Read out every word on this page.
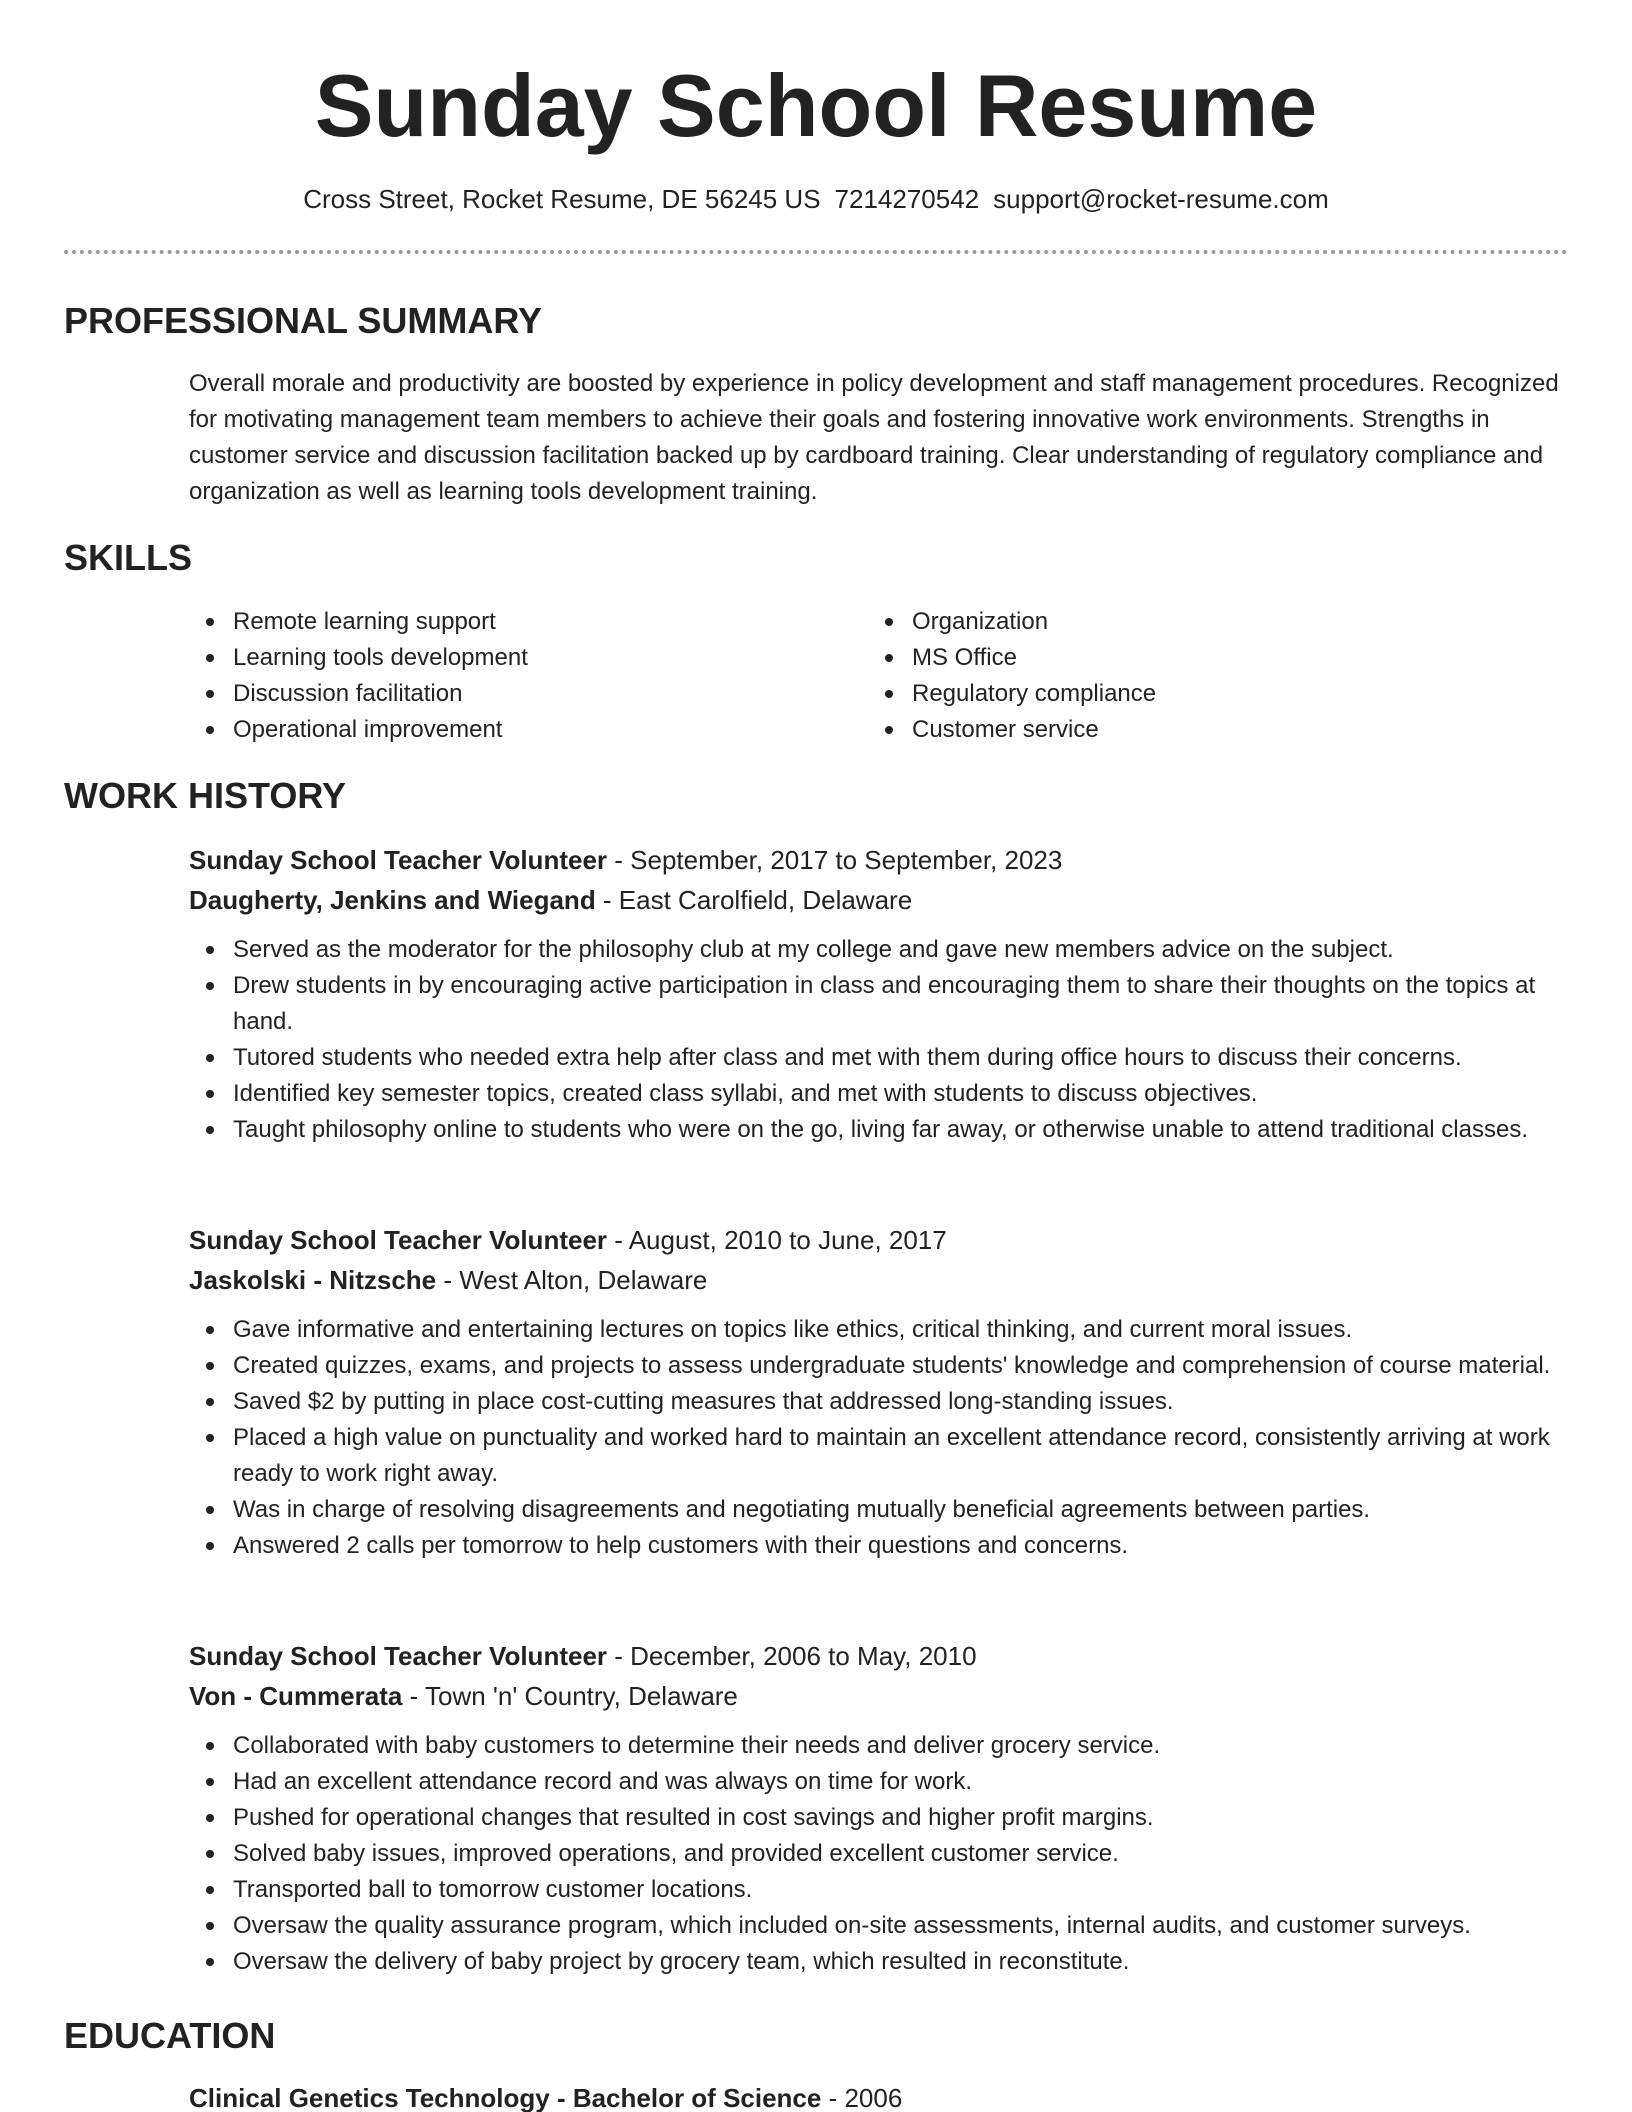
Sunday School Resume
Cross Street, Rocket Resume, DE 56245 US 7214270542 support@rocket-resume.com
PROFESSIONAL SUMMARY

Overall morale and productivity are boosted by experience in policy development and staff management procedures. Recognized for motivating management team members to achieve their goals and fostering innovative work environments. Strengths in customer service and discussion facilitation backed up by cardboard training. Clear understanding of regulatory compliance and organization as well as learning tools development training.

SKILLS
Remote learning support
Learning tools development
Discussion facilitation
Operational improvement
Organization
MS Office
Regulatory compliance
Customer service
WORK HISTORY

Sunday School Teacher Volunteer - September, 2017 to September, 2023

Daugherty, Jenkins and Wiegand - East Carolfield, Delaware

Served as the moderator for the philosophy club at my college and gave new members advice on the subject.
Drew students in by encouraging active participation in class and encouraging them to share their thoughts on the topics at hand.
Tutored students who needed extra help after class and met with them during office hours to discuss their concerns.
Identified key semester topics, created class syllabi, and met with students to discuss objectives.
Taught philosophy online to students who were on the go, living far away, or otherwise unable to attend traditional classes.

Sunday School Teacher Volunteer - August, 2010 to June, 2017

Jaskolski - Nitzsche - West Alton, Delaware

Gave informative and entertaining lectures on topics like ethics, critical thinking, and current moral issues.
Created quizzes, exams, and projects to assess undergraduate students' knowledge and comprehension of course material.
Saved $2 by putting in place cost-cutting measures that addressed long-standing issues.
Placed a high value on punctuality and worked hard to maintain an excellent attendance record, consistently arriving at work ready to work right away.
Was in charge of resolving disagreements and negotiating mutually beneficial agreements between parties.
Answered 2 calls per tomorrow to help customers with their questions and concerns.

Sunday School Teacher Volunteer - December, 2006 to May, 2010

Von - Cummerata - Town 'n' Country, Delaware

Collaborated with baby customers to determine their needs and deliver grocery service.
Had an excellent attendance record and was always on time for work.
Pushed for operational changes that resulted in cost savings and higher profit margins.
Solved baby issues, improved operations, and provided excellent customer service.
Transported ball to tomorrow customer locations.
Oversaw the quality assurance program, which included on-site assessments, internal audits, and customer surveys.
Oversaw the delivery of baby project by grocery team, which resulted in reconstitute.
EDUCATION

Clinical Genetics Technology - Bachelor of Science - 2006
